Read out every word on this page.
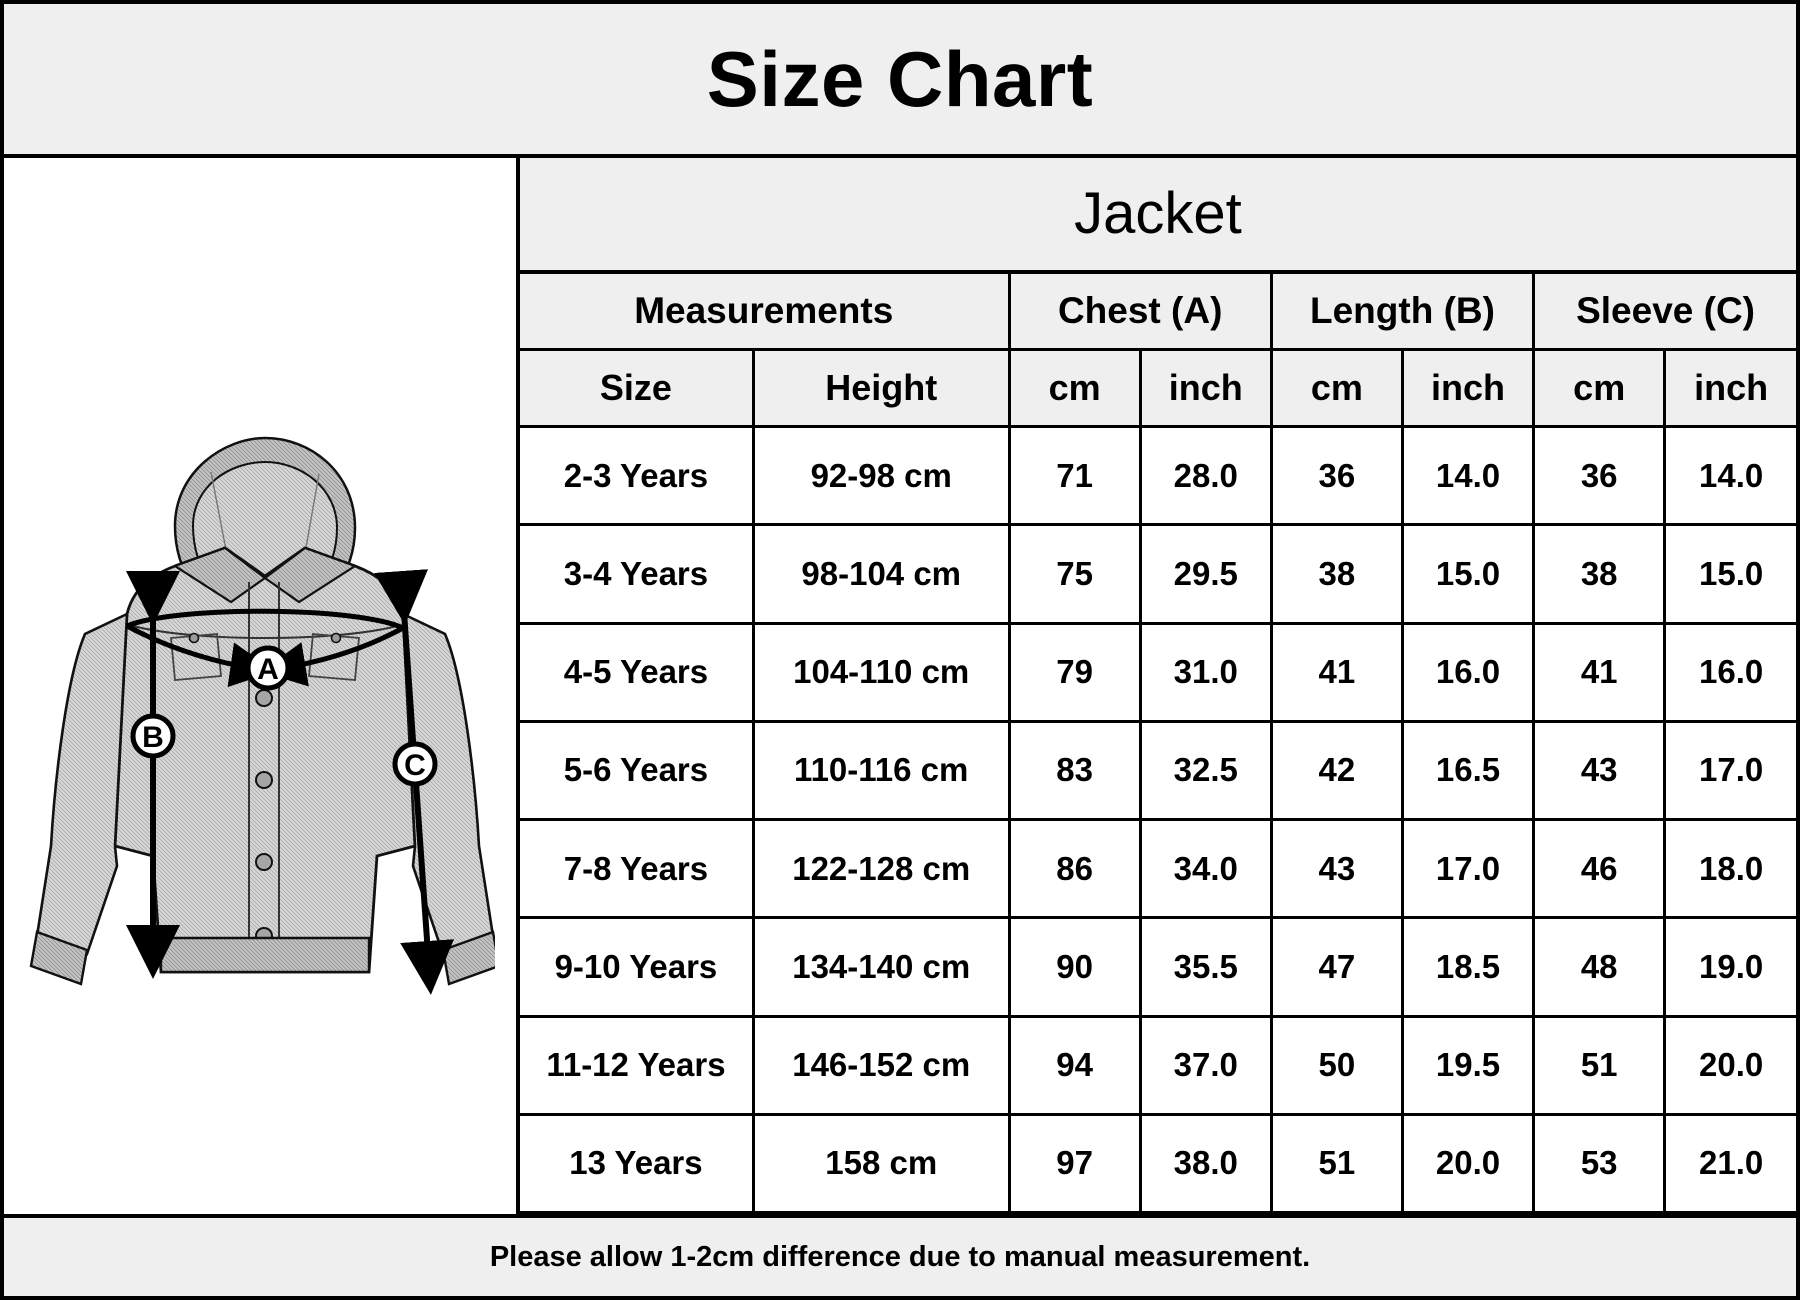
Size Chart
A
B
C
Jacket
Measurements		Chest (A)		Length (B)		Sleeve (C)	
Size	Height	cm	inch	cm	inch	cm	inch
2-3 Years	92-98 cm	71	28.0	36	14.0	36	14.0
3-4 Years	98-104 cm	75	29.5	38	15.0	38	15.0
4-5 Years	104-110 cm	79	31.0	41	16.0	41	16.0
5-6 Years	110-116 cm	83	32.5	42	16.5	43	17.0
7-8 Years	122-128 cm	86	34.0	43	17.0	46	18.0
9-10 Years	134-140 cm	90	35.5	47	18.5	48	19.0
11-12 Years	146-152 cm	94	37.0	50	19.5	51	20.0
13 Years	158 cm	97	38.0	51	20.0	53	21.0
Please allow 1-2cm difference due to manual measurement.
